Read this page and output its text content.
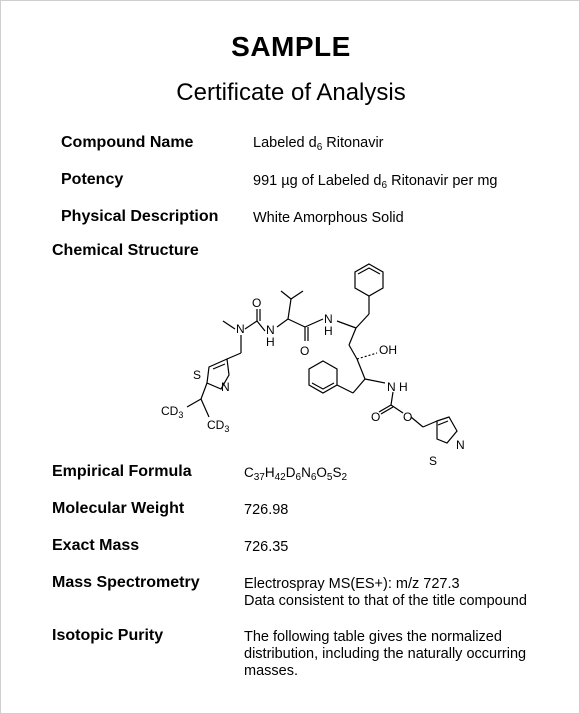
SAMPLE
Certificate of Analysis
Compound Name	Labeled $d_6$ Ritonavir
Potency	991 µg of Labeled $d_6$ Ritonavir per mg
Physical Description White Amorphous Solid
Chemical Structure
O
N N
H
O
N
H
OH
S
N
$CD_3$
$CD_3$
N H
O O
N
S
Empirical Formula	$C_{37}H_{42}D_6N_6O_5S_2$
Molecular Weight	726.98
Exact Mass	726.35
Mass Spectrometry	Electrospray MS(ES+): m/z 727.3
Data consistent to that of the title compound
Isotopic Purity	The following table gives the normalized
distribution, including the naturally occurring
masses.
